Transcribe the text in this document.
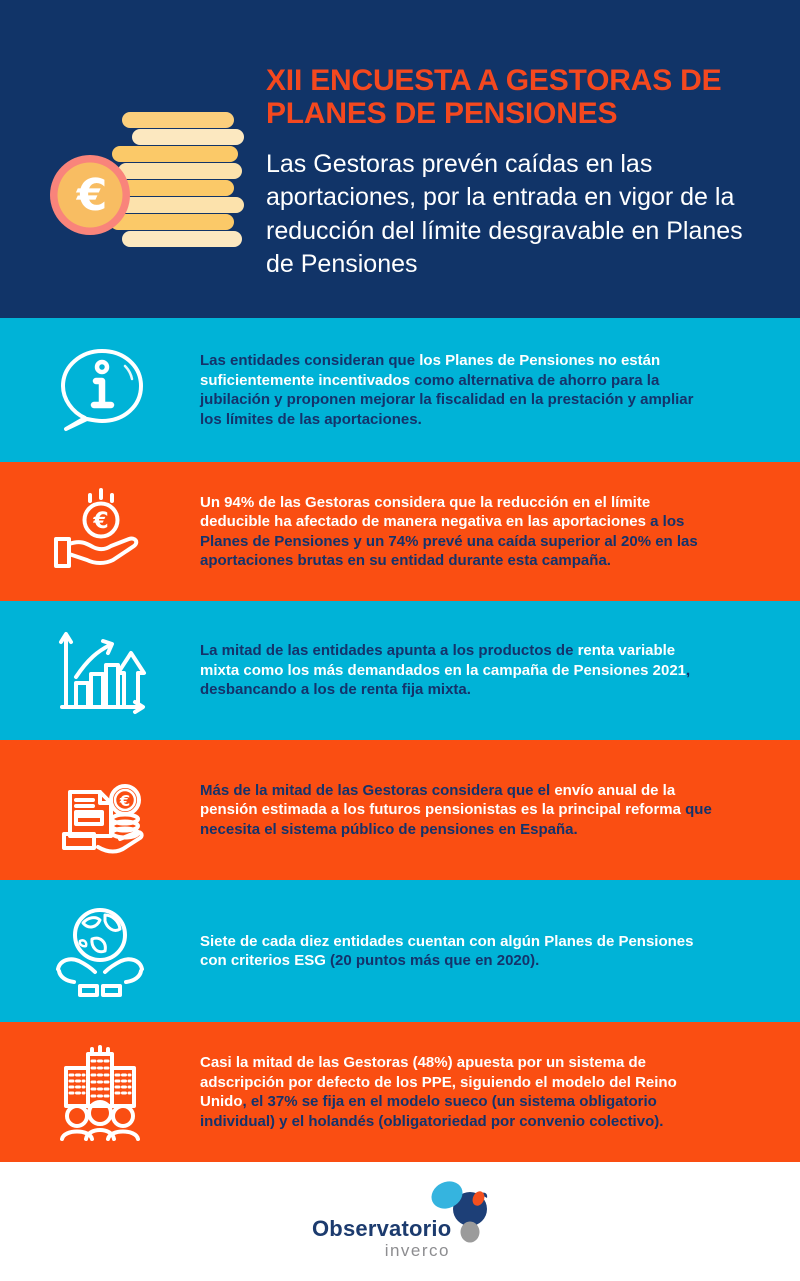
€
XII ENCUESTA A GESTORAS DE PLANES DE PENSIONES

Las Gestoras prevén caídas en las aportaciones, por la entrada en vigor de la reducción del límite desgravable en Planes de Pensiones

Las entidades consideran que los Planes de Pensiones no están suficientemente incentivados como alternativa de ahorro para la jubilación y proponen mejorar la fiscalidad en la prestación y ampliar los límites de las aportaciones.

€

Un 94% de las Gestoras considera que la reducción en el límite deducible ha afectado de manera negativa en las aportaciones a los Planes de Pensiones y un 74% prevé una caída superior al 20% en las aportaciones brutas en su entidad durante esta campaña.

La mitad de las entidades apunta a los productos de renta variable mixta como los más demandados en la campaña de Pensiones 2021, desbancando a los de renta fija mixta.

€

Más de la mitad de las Gestoras considera que el envío anual de la pensión estimada a los futuros pensionistas es la principal reforma que necesita el sistema público de pensiones en España.

Siete de cada diez entidades cuentan con algún Planes de Pensiones con criterios ESG (20 puntos más que en 2020).

Casi la mitad de las Gestoras (48%) apuesta por un sistema de adscripción por defecto de los PPE, siguiendo el modelo del Reino Unido, el 37% se fija en el modelo sueco (un sistema obligatorio individual) y el holandés (obligatoriedad por convenio colectivo).

Observatorio
inverco
